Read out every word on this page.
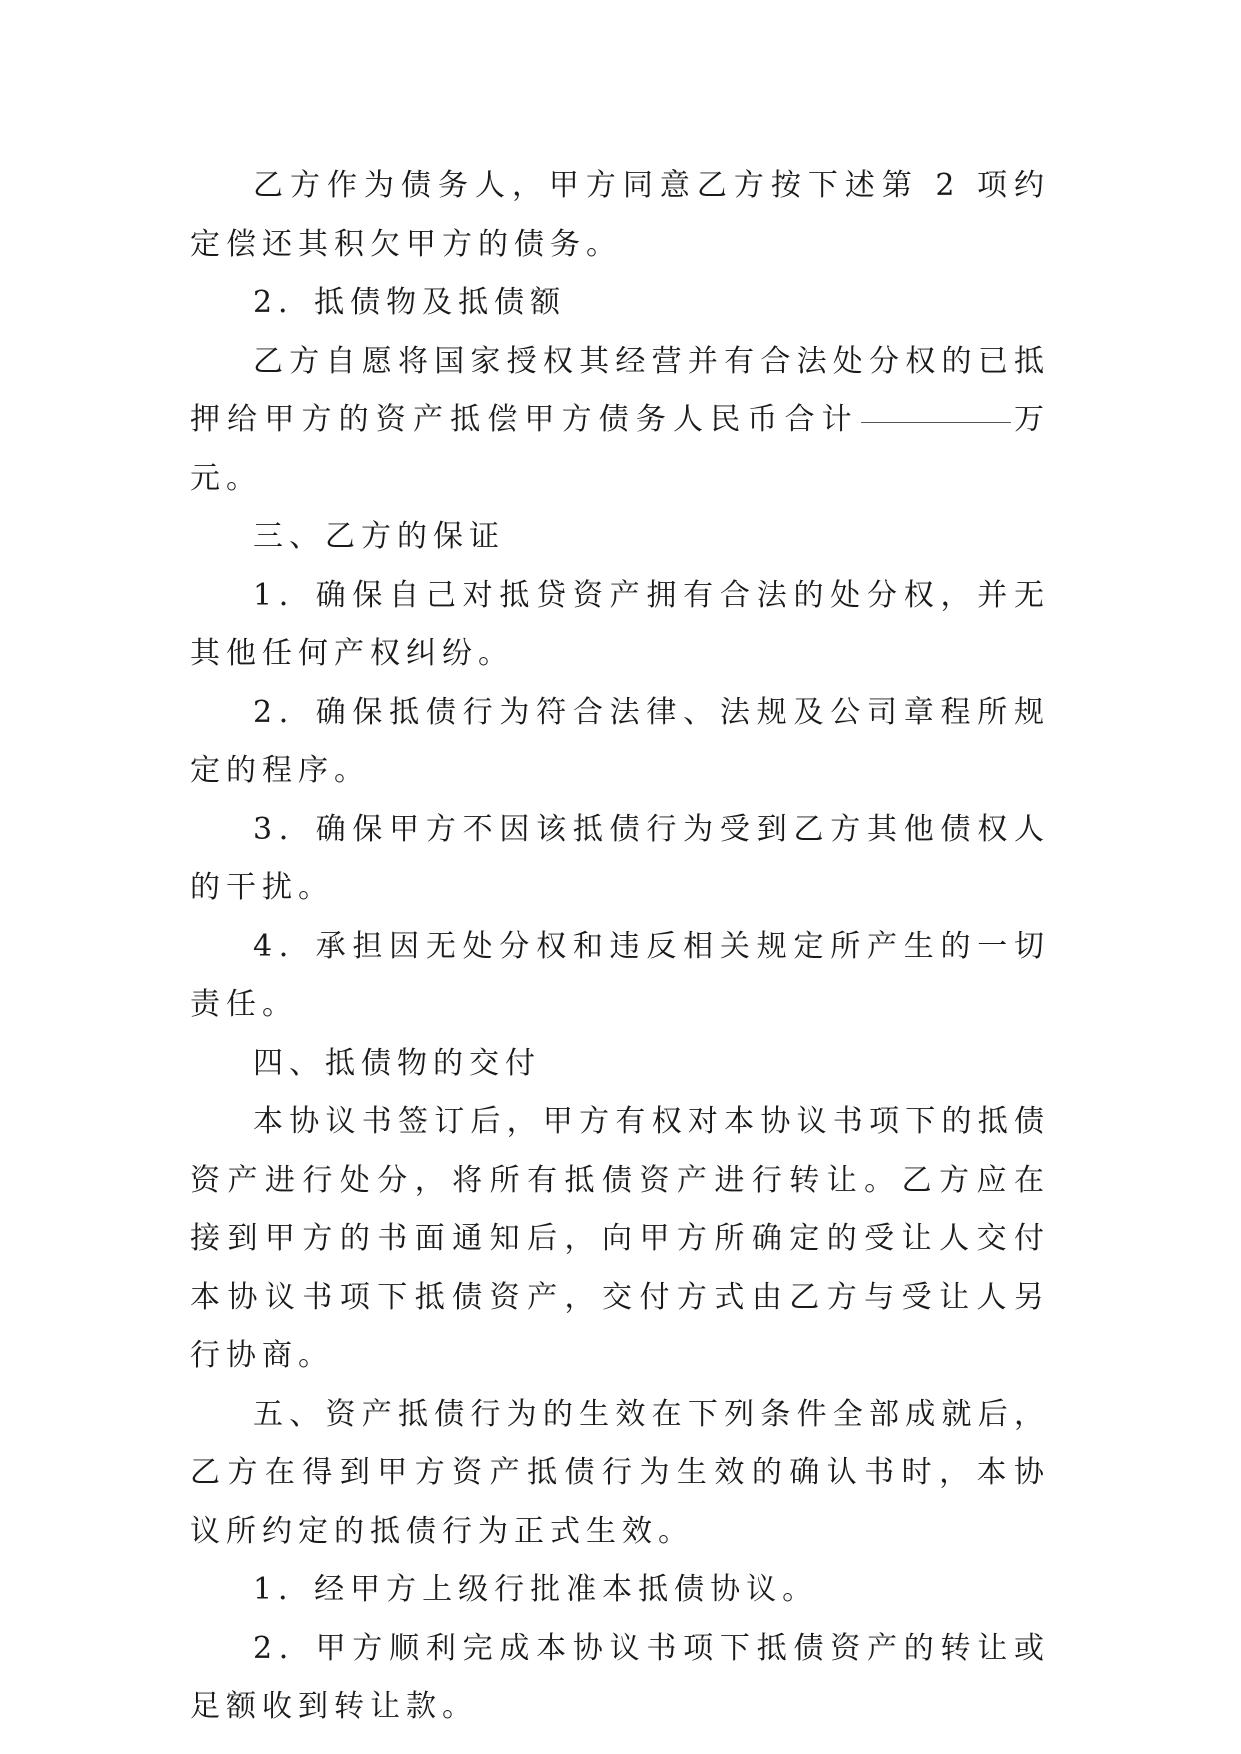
乙方作为债务人，甲方同意乙方按下述第 2 项约定偿还其积欠甲方的债务。

2．抵债物及抵债额

乙方自愿将国家授权其经营并有合法处分权的已抵押给甲方的资产抵偿甲方债务人民币合计	万元。

三、乙方的保证

1．确保自己对抵贷资产拥有合法的处分权，并无其他任何产权纠纷。

2．确保抵债行为符合法律、法规及公司章程所规定的程序。

3．确保甲方不因该抵债行为受到乙方其他债权人的干扰。

4．承担因无处分权和违反相关规定所产生的一切责任。

四、抵债物的交付

本协议书签订后，甲方有权对本协议书项下的抵债资产进行处分，将所有抵债资产进行转让。乙方应在接到甲方的书面通知后，向甲方所确定的受让人交付本协议书项下抵债资产，交付方式由乙方与受让人另行协商。

五、资产抵债行为的生效在下列条件全部成就后，乙方在得到甲方资产抵债行为生效的确认书时，本协议所约定的抵债行为正式生效。

1．经甲方上级行批准本抵债协议。

2．甲方顺利完成本协议书项下抵债资产的转让或足额收到转让款。
